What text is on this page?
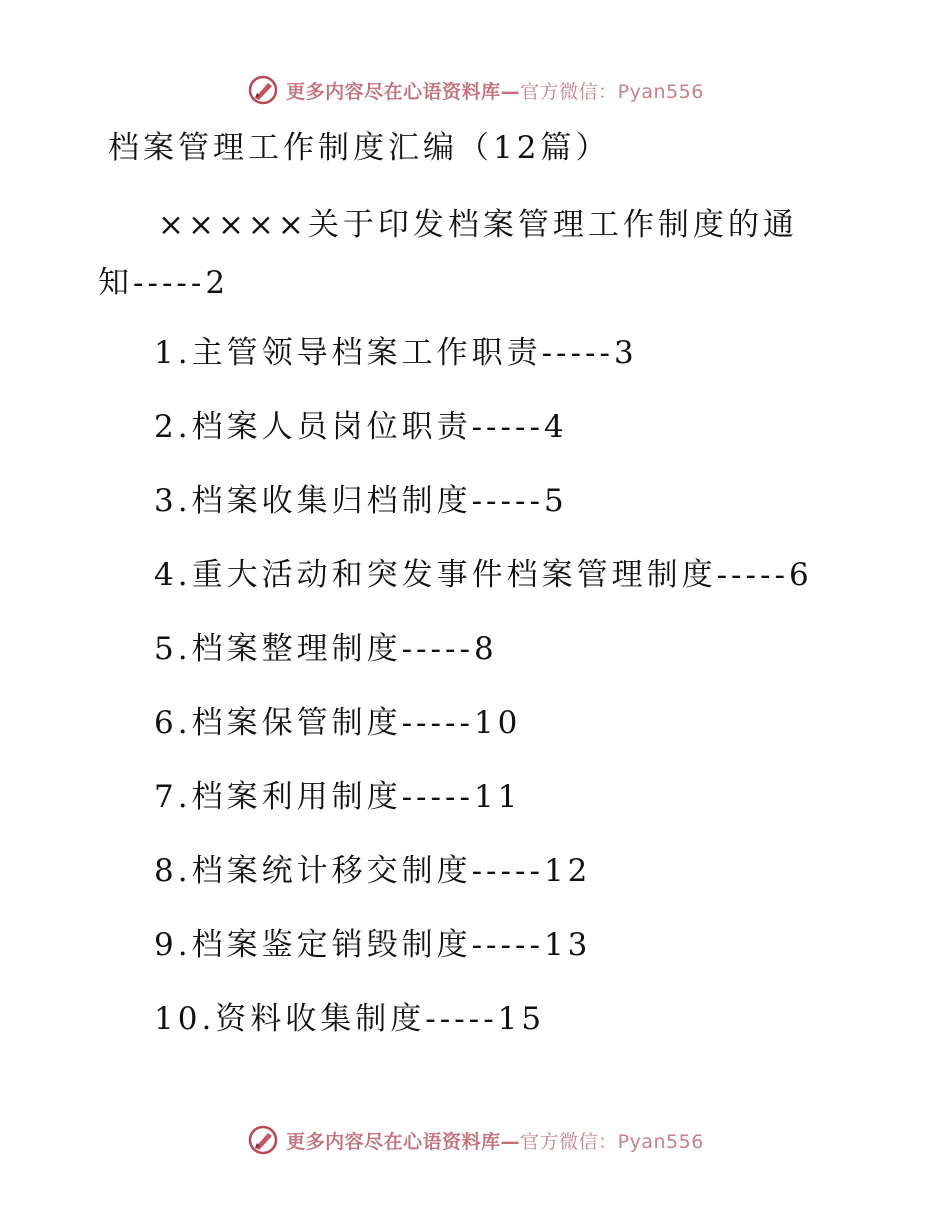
更多内容尽在心语资料库—官方微信：Pyan556
档案管理工作制度汇编（12篇）
×××××关于印发档案管理工作制度的通知-----2
1.主管领导档案工作职责-----3
2.档案人员岗位职责-----4
3.档案收集归档制度-----5
4.重大活动和突发事件档案管理制度-----6
5.档案整理制度-----8
6.档案保管制度-----10
7.档案利用制度-----11
8.档案统计移交制度-----12
9.档案鉴定销毁制度-----13
10.资料收集制度-----15
更多内容尽在心语资料库—官方微信：Pyan556
